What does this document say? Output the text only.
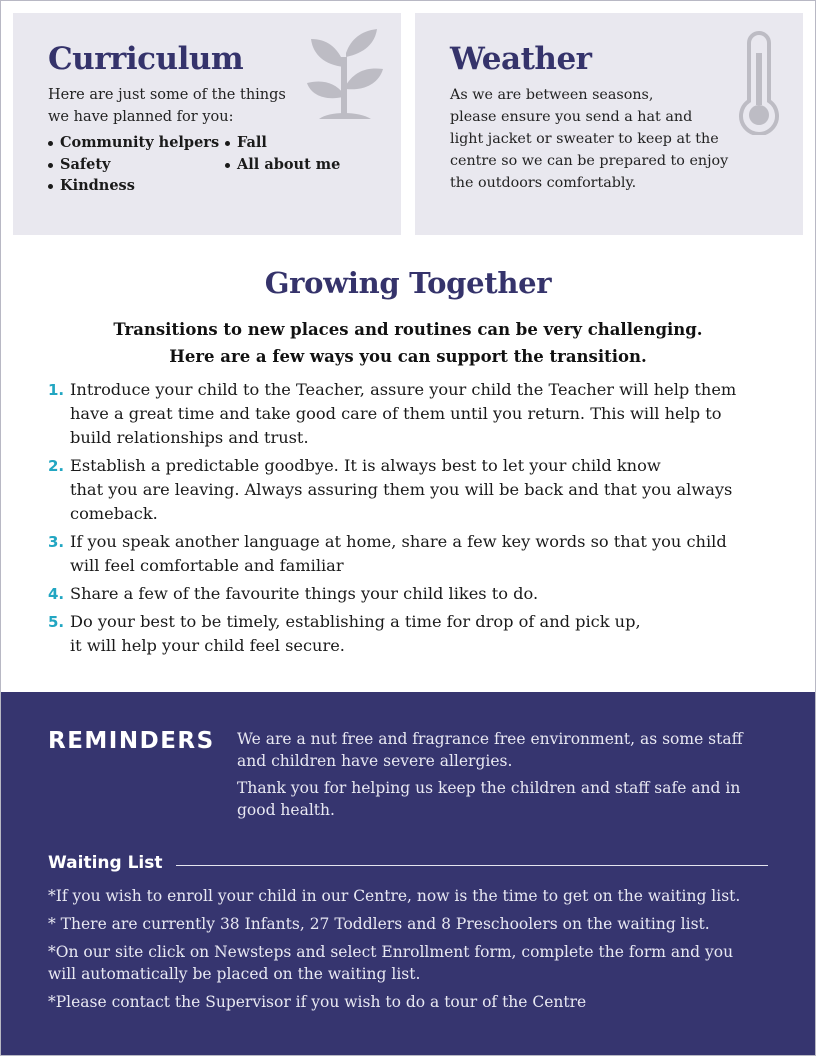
Curriculum
Here are just some of the things
we have planned for you:
Community helpers	Fall
Safety	All about me
Kindness
Weather
As we are between seasons,
please ensure you send a hat and
light jacket or sweater to keep at the
centre so we can be prepared to enjoy
the outdoors comfortably.
Growing Together

Transitions to new places and routines can be very challenging.
Here are a few ways you can support the transition.

1. Introduce your child to the Teacher, assure your child the Teacher will help them
have a great time and take good care of them until you return. This will help to
build relationships and trust.
2. Establish a predictable goodbye. It is always best to let your child know
that you are leaving. Always assuring them you will be back and that you always
comeback.
3. If you speak another language at home, share a few key words so that you child
will feel comfortable and familiar
4. Share a few of the favourite things your child likes to do.
5. Do your best to be timely, establishing a time for drop of and pick up,
it will help your child feel secure.
REMINDERS We are a nut free and fragrance free environment, as some staff
and children have severe allergies.

Thank you for helping us keep the children and staff safe and in
good health.

Waiting List
*If you wish to enroll your child in our Centre, now is the time to get on the waiting list.
* There are currently 38 Infants, 27 Toddlers and 8 Preschoolers on the waiting list.
*On our site click on Newsteps and select Enrollment form, complete the form and you
will automatically be placed on the waiting list.
*Please contact the Supervisor if you wish to do a tour of the Centre
